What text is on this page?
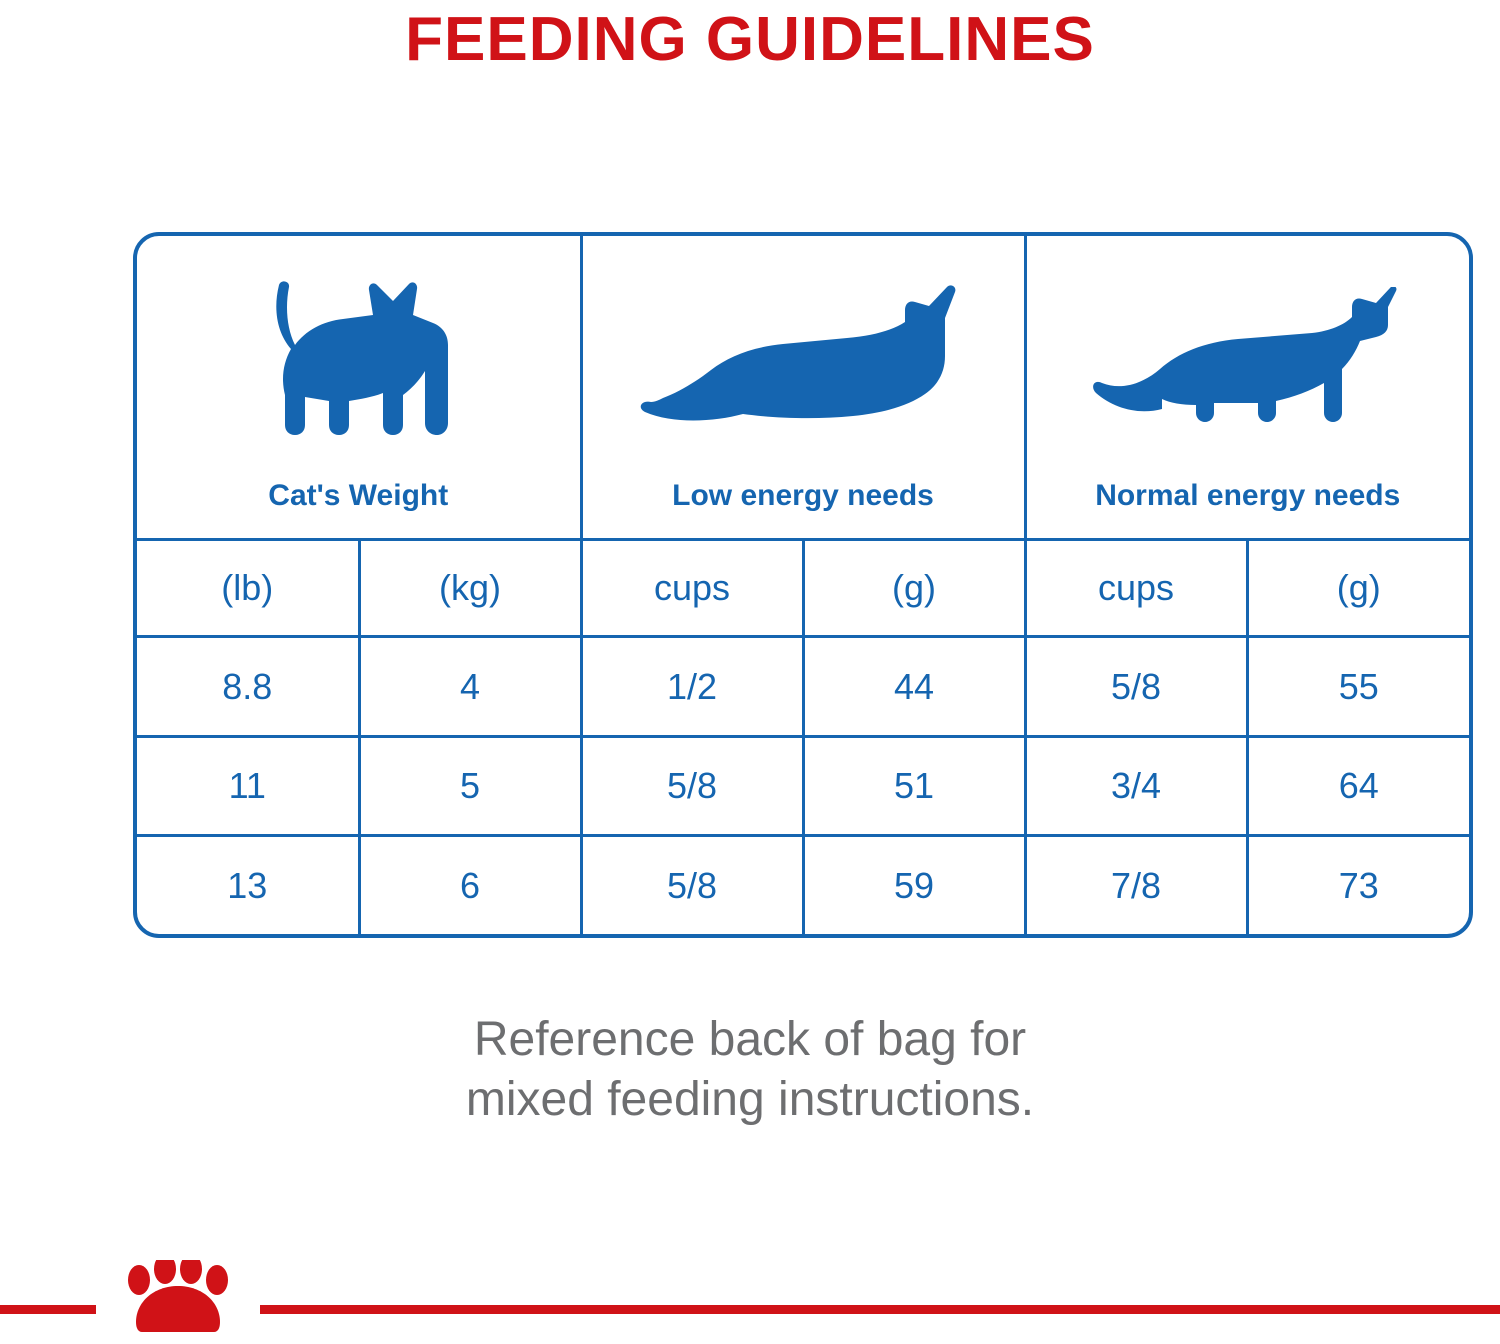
FEEDING GUIDELINES
Cat's Weight		Low energy needs		Normal energy needs	

(lb)	(kg)	cups	(g)	cups	(g)
8.8	4	1/2	44	5/8	55
11	5	5/8	51	3/4	64
13	6	5/8	59	7/8	73
Reference back of bag for
mixed feeding instructions.
